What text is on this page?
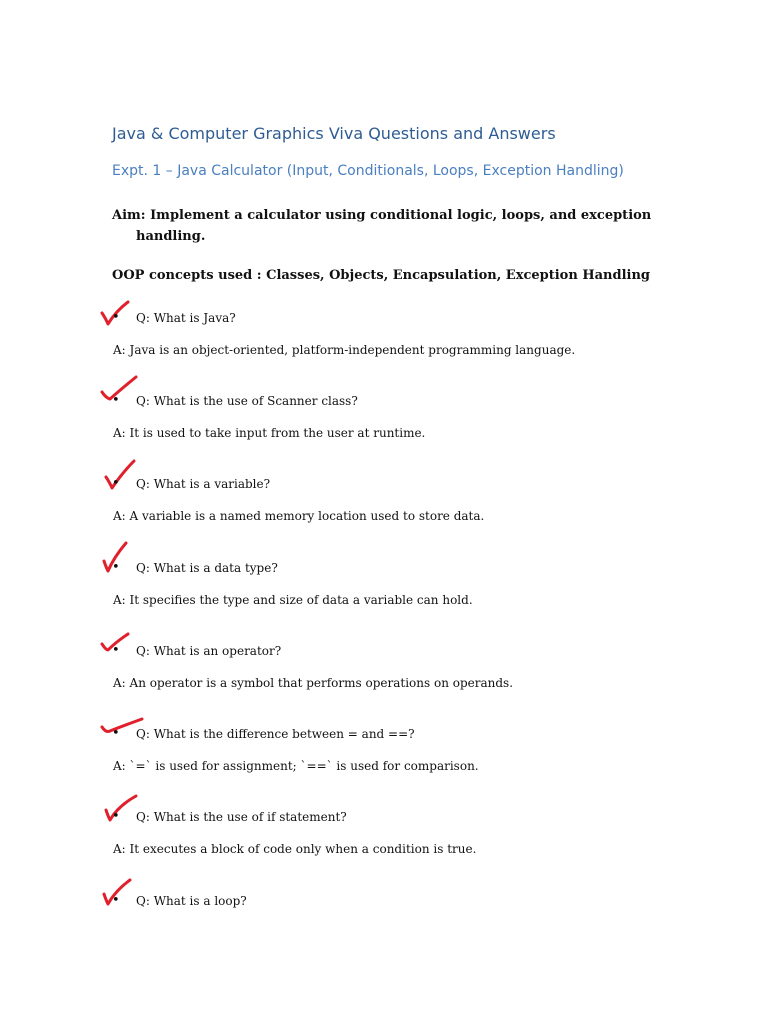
Java & Computer Graphics Viva Questions and Answers
Expt. 1 – Java Calculator (Input, Conditionals, Loops, Exception Handling)
Aim: Implement a calculator using conditional logic, loops, and exception handling.
OOP concepts used : Classes, Objects, Encapsulation, Exception Handling
• Q: What is Java?
A: Java is an object-oriented, platform-independent programming language.
• Q: What is the use of Scanner class?
A: It is used to take input from the user at runtime.
• Q: What is a variable?
A: A variable is a named memory location used to store data.
• Q: What is a data type?
A: It specifies the type and size of data a variable can hold.
• Q: What is an operator?
A: An operator is a symbol that performs operations on operands.
• Q: What is the difference between = and ==?
A: `=` is used for assignment; `==` is used for comparison.
• Q: What is the use of if statement?
A: It executes a block of code only when a condition is true.
• Q: What is a loop?
